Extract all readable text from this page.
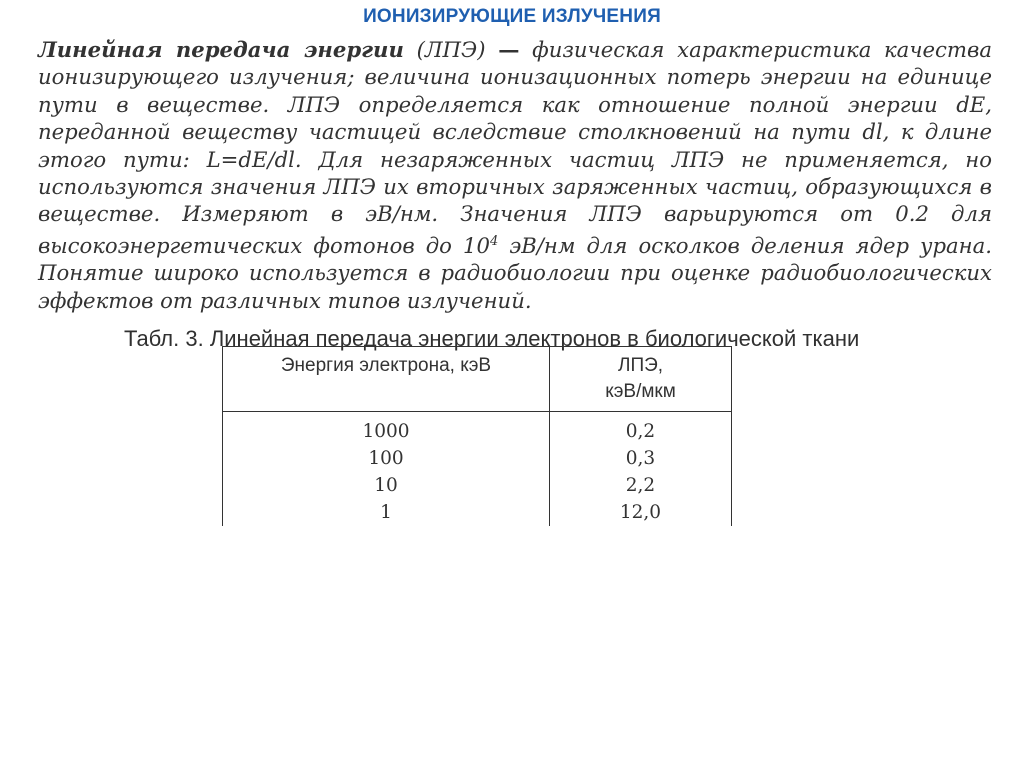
ИОНИЗИРУЮЩИЕ ИЗЛУЧЕНИЯ

Линейная передача энергии (ЛПЭ) — физическая характеристика качества ионизирующего излучения; величина ионизационных потерь энергии на единице пути в веществе. ЛПЭ определяется как отношение полной энергии dE, переданной веществу частицей вследствие столкновений на пути dl, к длине этого пути: L=dE/dl. Для незаряженных частиц ЛПЭ не применяется, но используются значения ЛПЭ их вторичных заряженных частиц, образующихся в веществе. Измеряют в эВ/нм. Значения ЛПЭ варьируются от 0.2 для высокоэнергетических фотонов до $10^4$ эВ/нм для осколков деления ядер урана. Понятие широко используется в радиобиологии при оценке радиобиологических эффектов от различных типов излучений.

Табл. 3. Линейная передача энергии электронов в биологической ткани

Энергия электрона, кэВ	ЛПЭ,
кэВ/мкм
1000	0,2
100	0,3
10	2,2
1	12,0
